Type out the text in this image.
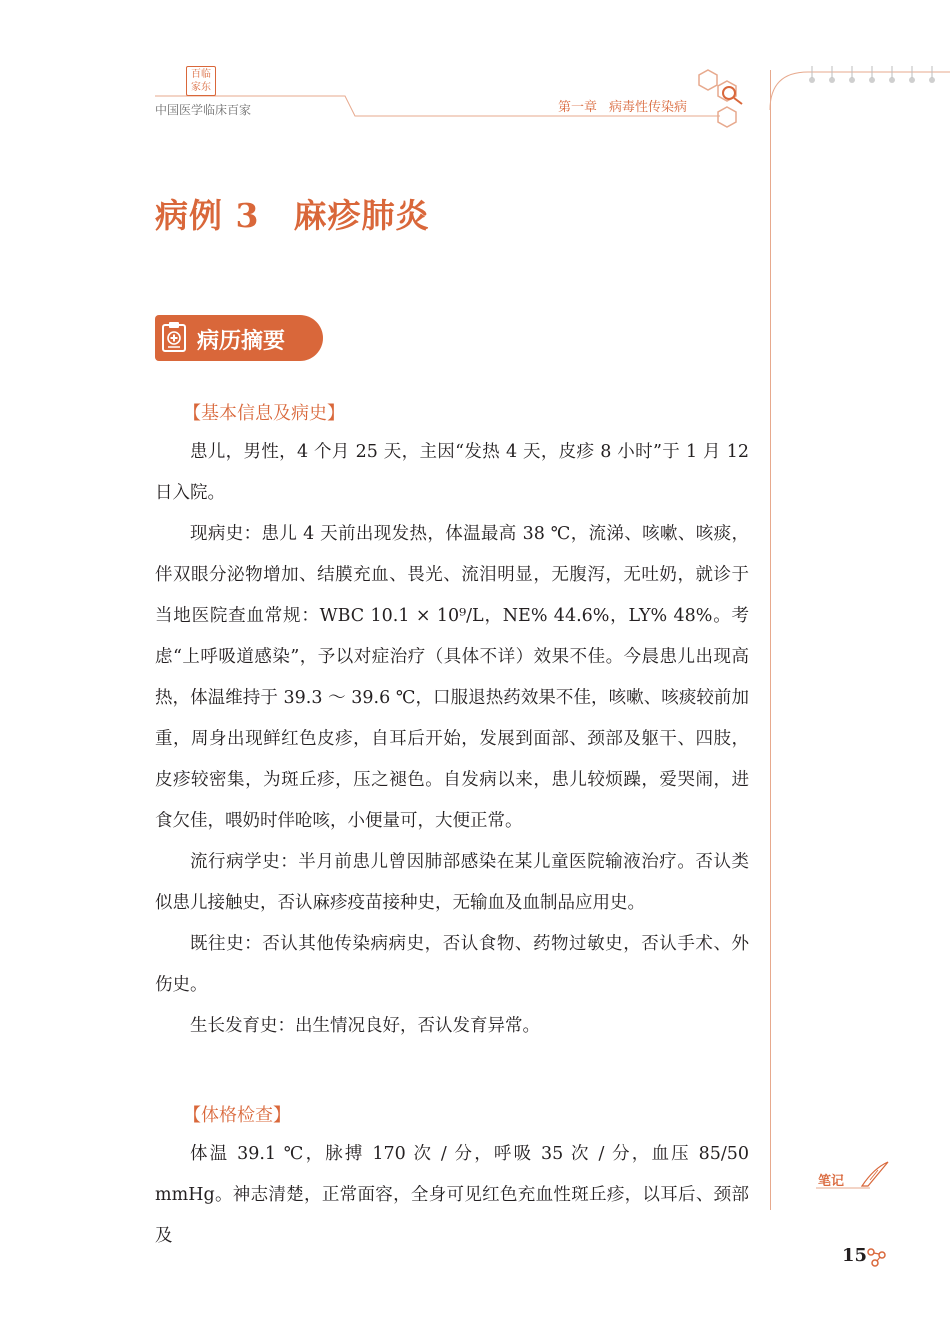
百临家东
中国医学临床百家	第一章 病毒性传染病
病例 3 麻疹肺炎
病历摘要
【基本信息及病史】

患儿，男性，4 个月 25 天，主因“发热 4 天，皮疹 8 小时”于 1 月 12 日入院。

现病史：患儿 4 天前出现发热，体温最高 38 ℃，流涕、咳嗽、咳痰，伴双眼分泌物增加、结膜充血、畏光、流泪明显，无腹泻，无吐奶，就诊于当地医院查血常规：WBC 10.1 × 10⁹/L，NE% 44.6%，LY% 48%。考虑“上呼吸道感染”，予以对症治疗（具体不详）效果不佳。今晨患儿出现高热，体温维持于 39.3 ～ 39.6 ℃，口服退热药效果不佳，咳嗽、咳痰较前加重，周身出现鲜红色皮疹，自耳后开始，发展到面部、颈部及躯干、四肢，皮疹较密集，为斑丘疹，压之褪色。自发病以来，患儿较烦躁，爱哭闹，进食欠佳，喂奶时伴呛咳，小便量可，大便正常。

流行病学史：半月前患儿曾因肺部感染在某儿童医院输液治疗。否认类似患儿接触史，否认麻疹疫苗接种史，无输血及血制品应用史。

既往史：否认其他传染病病史，否认食物、药物过敏史，否认手术、外伤史。

生长发育史：出生情况良好，否认发育异常。

【体格检查】

体温 39.1 ℃，脉搏 170 次 / 分，呼吸 35 次 / 分，血压 85/50 mmHg。神志清楚，正常面容，全身可见红色充血性斑丘疹，以耳后、颈部及

笔记
15
